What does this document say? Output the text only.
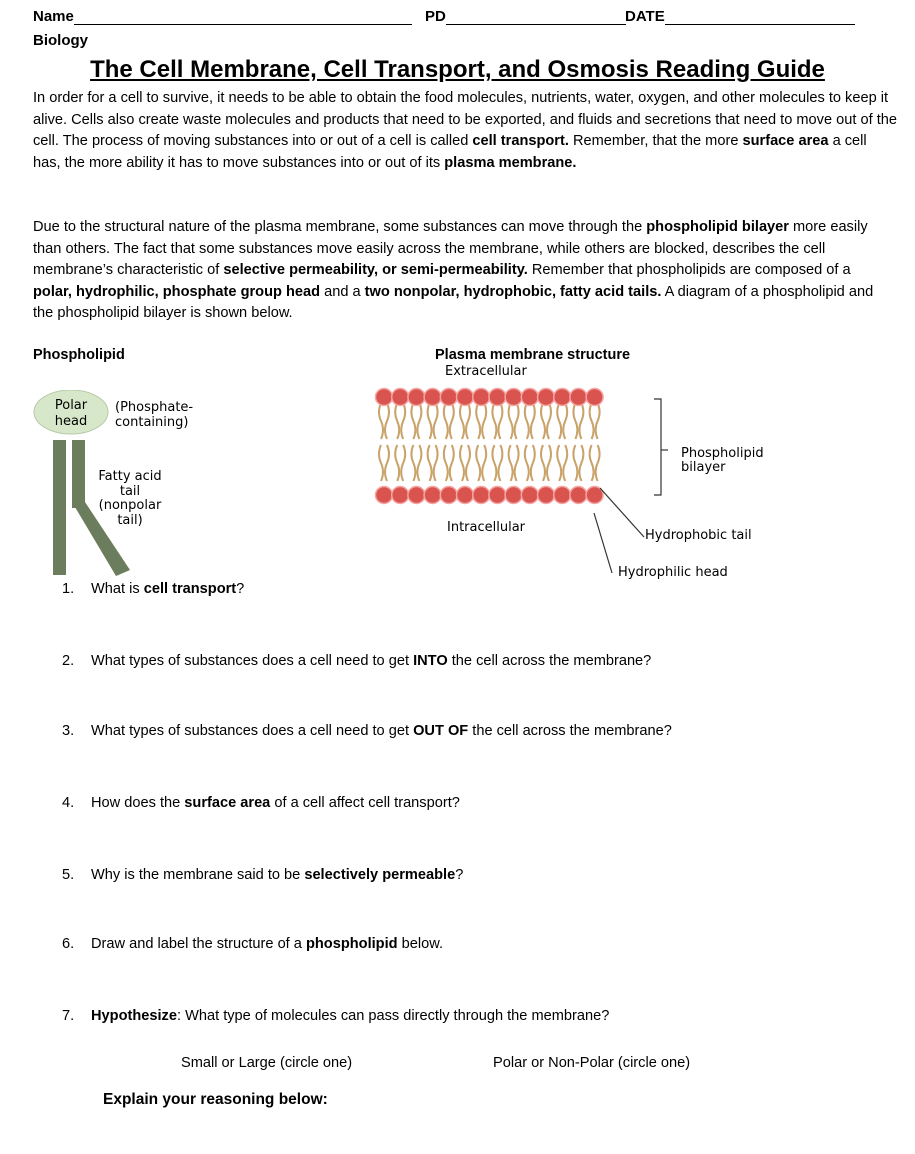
Name	PD	DATE
Biology
The Cell Membrane, Cell Transport, and Osmosis Reading Guide
In order for a cell to survive, it needs to be able to obtain the food molecules, nutrients, water, oxygen, and other molecules to keep it alive. Cells also create waste molecules and products that need to be exported, and fluids and secretions that need to move out of the cell. The process of moving substances into or out of a cell is called cell transport. Remember, that the more surface area a cell has, the more ability it has to move substances into or out of its plasma membrane.
Due to the structural nature of the plasma membrane, some substances can move through the phospholipid bilayer more easily than others. The fact that some substances move easily across the membrane, while others are blocked, describes the cell membrane’s characteristic of selective permeability, or semi-permeability. Remember that phospholipids are composed of a polar, hydrophilic, phosphate group head and a two nonpolar, hydrophobic, fatty acid tails. A diagram of a phospholipid and the phospholipid bilayer is shown below.
Phospholipid
Polar
head
(Phosphate-
containing)
Fatty acid
tail
(nonpolar
tail)
Plasma membrane structure
Extracellular
Intracellular
Phospholipid
bilayer
Hydrophobic tail
Hydrophilic head
1. What is cell transport?
2. What types of substances does a cell need to get INTO the cell across the membrane?
3. What types of substances does a cell need to get OUT OF the cell across the membrane?
4. How does the surface area of a cell affect cell transport?
5. Why is the membrane said to be selectively permeable?
6. Draw and label the structure of a phospholipid below.
7. Hypothesize: What type of molecules can pass directly through the membrane?
Small or Large (circle one)	Polar or Non-Polar (circle one)
Explain your reasoning below:
